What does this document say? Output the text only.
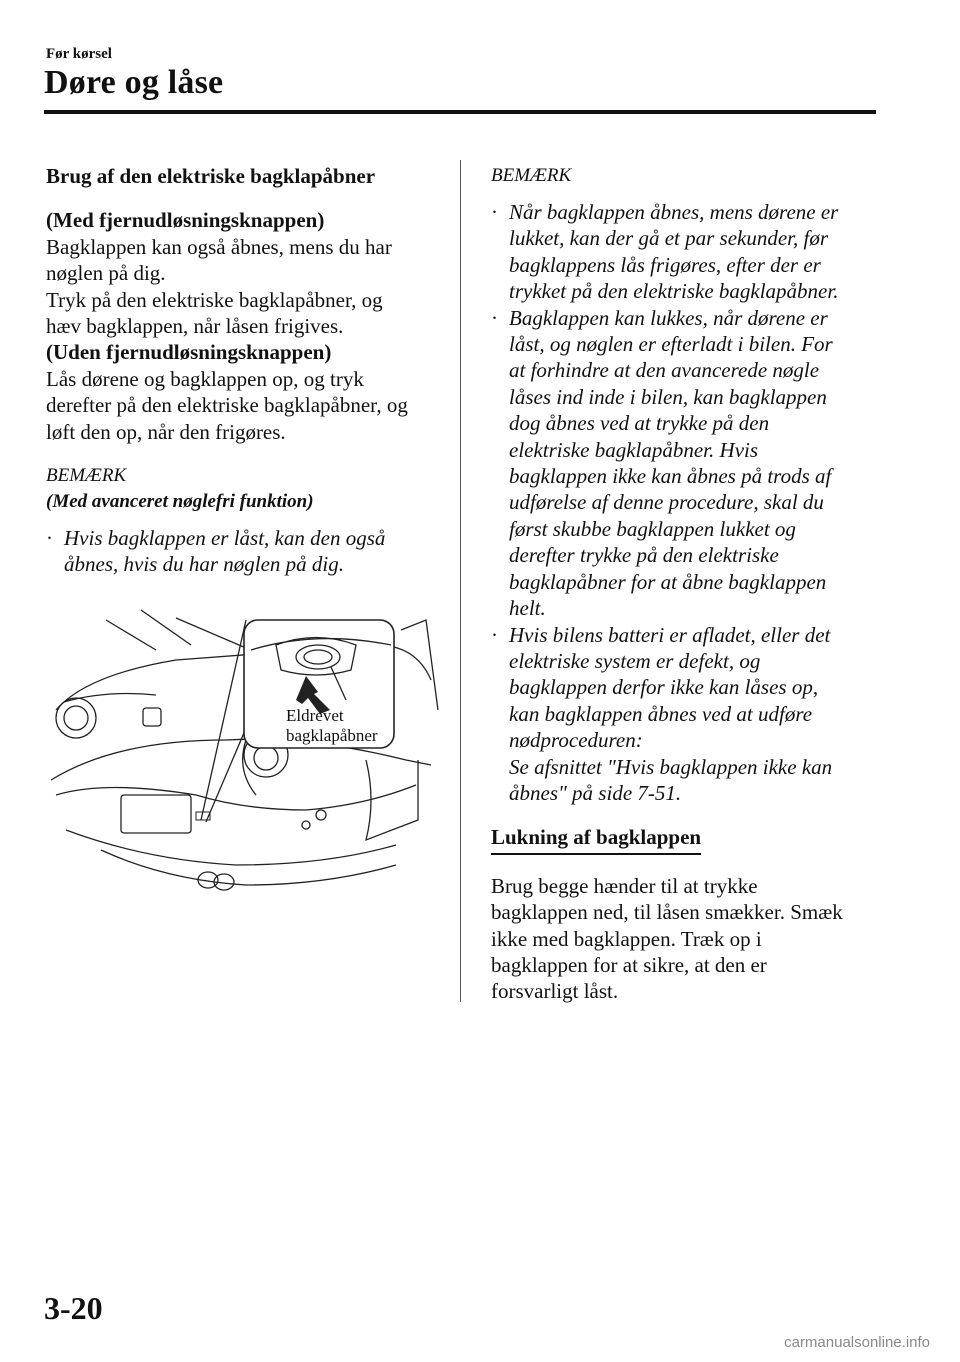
Før kørsel
Døre og låse

Brug af den elektriske bagklapåbner

(Med fjernudløsningsknappen)

Bagklappen kan også åbnes, mens du har

nøglen på dig.

Tryk på den elektriske bagklapåbner, og

hæv bagklappen, når låsen frigives.

(Uden fjernudløsningsknappen)

Lås dørene og bagklappen op, og tryk

derefter på den elektriske bagklapåbner, og

løft den op, når den frigøres.

BEMÆRK

(Med avanceret nøglefri funktion)

· Hvis bagklappen er låst, kan den også

åbnes, hvis du har nøglen på dig.

Eldrevet
bagklapåbner

BEMÆRK

· Når bagklappen åbnes, mens dørene er

lukket, kan der gå et par sekunder, før

bagklappens lås frigøres, efter der er

trykket på den elektriske bagklapåbner.

· Bagklappen kan lukkes, når dørene er

låst, og nøglen er efterladt i bilen. For

at forhindre at den avancerede nøgle

låses ind inde i bilen, kan bagklappen

dog åbnes ved at trykke på den

elektriske bagklapåbner. Hvis

bagklappen ikke kan åbnes på trods af

udførelse af denne procedure, skal du

først skubbe bagklappen lukket og

derefter trykke på den elektriske

bagklapåbner for at åbne bagklappen

helt.

· Hvis bilens batteri er afladet, eller det

elektriske system er defekt, og

bagklappen derfor ikke kan låses op,

kan bagklappen åbnes ved at udføre

nødproceduren:

Se afsnittet "Hvis bagklappen ikke kan

åbnes" på side 7-51.

Lukning af bagklappen

Brug begge hænder til at trykke

bagklappen ned, til låsen smækker. Smæk

ikke med bagklappen. Træk op i

bagklappen for at sikre, at den er

forsvarligt låst.

3-20
carmanualsonline.info
